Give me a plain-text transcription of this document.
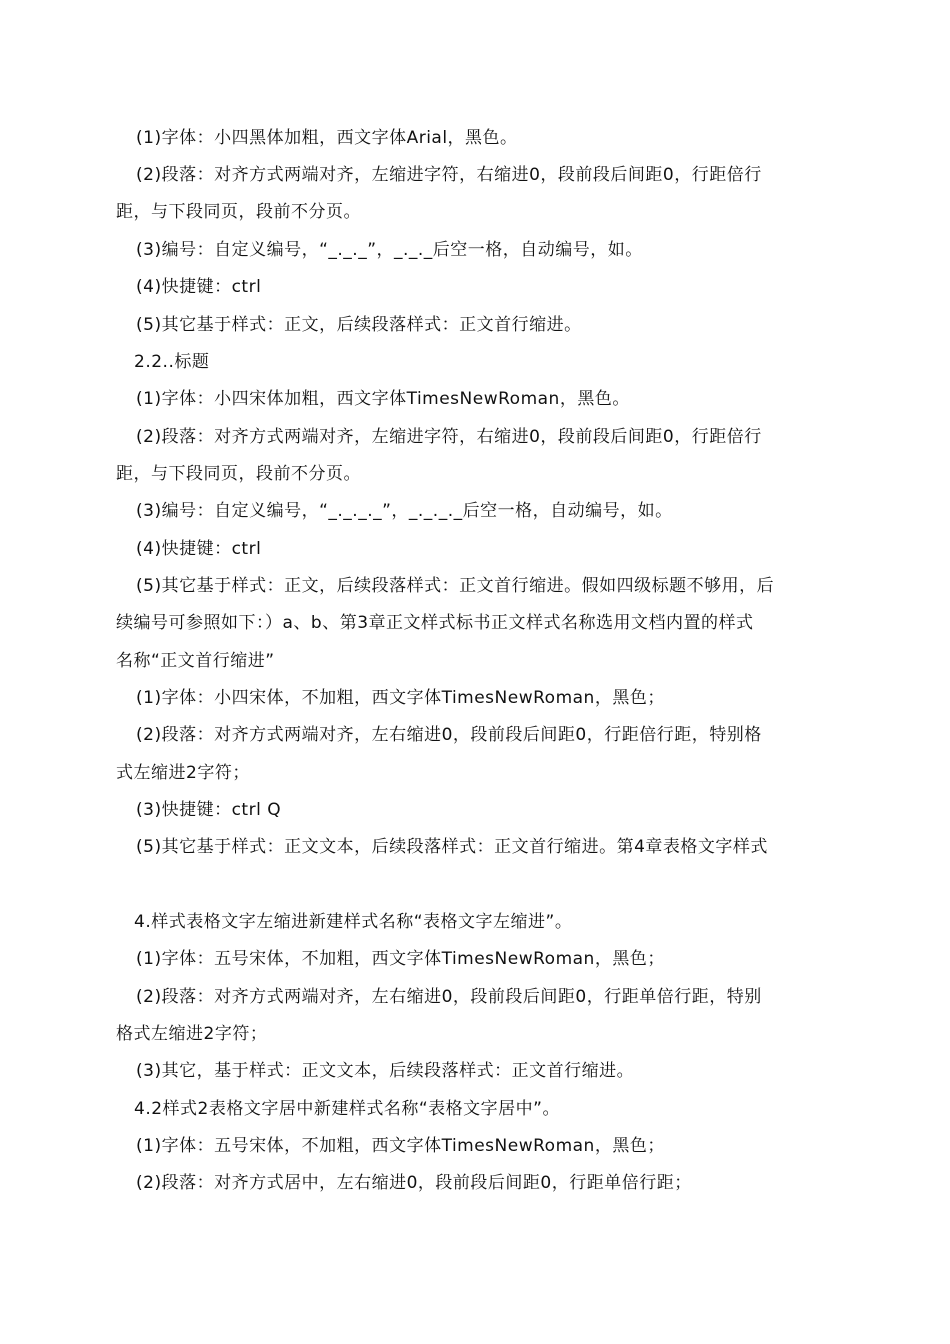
(1)字体：小四黑体加粗，西文字体Arial，黑色。
(2)段落：对齐方式两端对齐，左缩进字符，右缩进0，段前段后间距0，行距倍行
距，与下段同页，段前不分页。
(3)编号：自定义编号，“_._._”，_._._后空一格，自动编号，如。
(4)快捷键：ctrl
(5)其它基于样式：正文，后续段落样式：正文首行缩进。
2.2..标题
(1)字体：小四宋体加粗，西文字体TimesNewRoman，黑色。
(2)段落：对齐方式两端对齐，左缩进字符，右缩进0，段前段后间距0，行距倍行
距，与下段同页，段前不分页。
(3)编号：自定义编号，“_._._._”，_._._._后空一格，自动编号，如。
(4)快捷键：ctrl
(5)其它基于样式：正文，后续段落样式：正文首行缩进。假如四级标题不够用，后
续编号可参照如下：）a、b、第3章正文样式标书正文样式名称选用文档内置的样式
名称“正文首行缩进”
(1)字体：小四宋体，不加粗，西文字体TimesNewRoman，黑色；
(2)段落：对齐方式两端对齐，左右缩进0，段前段后间距0，行距倍行距，特别格
式左缩进2字符；
(3)快捷键：ctrl Q
(5)其它基于样式：正文文本，后续段落样式：正文首行缩进。第4章表格文字样式
4.样式表格文字左缩进新建样式名称“表格文字左缩进”。
(1)字体：五号宋体，不加粗，西文字体TimesNewRoman，黑色；
(2)段落：对齐方式两端对齐，左右缩进0，段前段后间距0，行距单倍行距，特别
格式左缩进2字符；
(3)其它，基于样式：正文文本，后续段落样式：正文首行缩进。
4.2样式2表格文字居中新建样式名称“表格文字居中”。
(1)字体：五号宋体，不加粗，西文字体TimesNewRoman，黑色；
(2)段落：对齐方式居中，左右缩进0，段前段后间距0，行距单倍行距；
